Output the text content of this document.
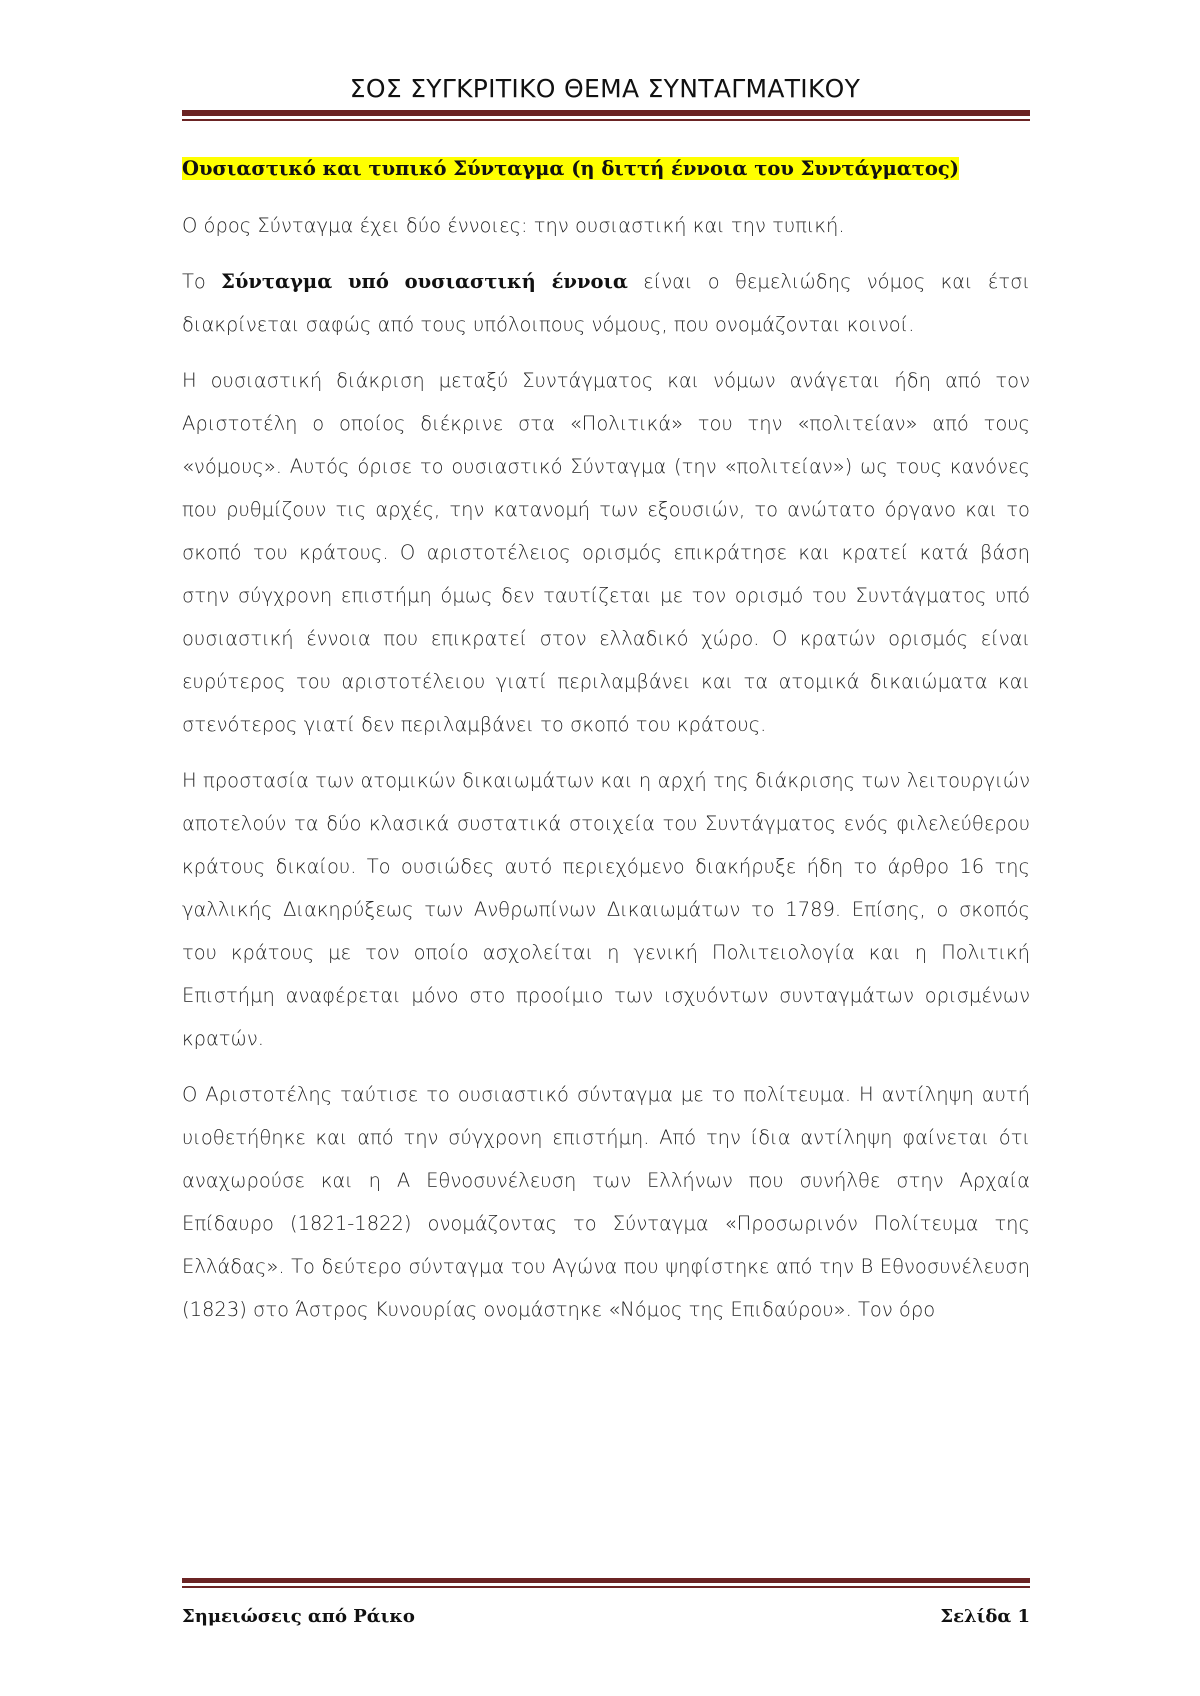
ΣΟΣ ΣΥΓΚΡΙΤΙΚΟ ΘΕΜΑ ΣΥΝΤΑΓΜΑΤΙΚΟΥ

Ουσιαστικό και τυπικό Σύνταγμα (η διττή έννοια του Συντάγματος)

Ο όρος Σύνταγμα έχει δύο έννοιες: την ουσιαστική και την τυπική.

Το Σύνταγμα υπό ουσιαστική έννοια είναι ο θεμελιώδης νόμος και έτσι διακρίνεται σαφώς από τους υπόλοιπους νόμους, που ονομάζονται κοινοί.

Η ουσιαστική διάκριση μεταξύ Συντάγματος και νόμων ανάγεται ήδη από τον Αριστοτέλη ο οποίος διέκρινε στα «Πολιτικά» του την «πολιτείαν» από τους «νόμους». Αυτός όρισε το ουσιαστικό Σύνταγμα (την «πολιτείαν») ως τους κανόνες που ρυθμίζουν τις αρχές, την κατανομή των εξουσιών, το ανώτατο όργανο και το σκοπό του κράτους. Ο αριστοτέλειος ορισμός επικράτησε και κρατεί κατά βάση στην σύγχρονη επιστήμη όμως δεν ταυτίζεται με τον ορισμό του Συντάγματος υπό ουσιαστική έννοια που επικρατεί στον ελλαδικό χώρο. Ο κρατών ορισμός είναι ευρύτερος του αριστοτέλειου γιατί περιλαμβάνει και τα ατομικά δικαιώματα και στενότερος γιατί δεν περιλαμβάνει το σκοπό του κράτους.

Η προστασία των ατομικών δικαιωμάτων και η αρχή της διάκρισης των λειτουργιών αποτελούν τα δύο κλασικά συστατικά στοιχεία του Συντάγματος ενός φιλελεύθερου κράτους δικαίου. Το ουσιώδες αυτό περιεχόμενο διακήρυξε ήδη το άρθρο 16 της γαλλικής Διακηρύξεως των Ανθρωπίνων Δικαιωμάτων το 1789. Επίσης, ο σκοπός του κράτους με τον οποίο ασχολείται η γενική Πολιτειολογία και η Πολιτική Επιστήμη αναφέρεται μόνο στο προοίμιο των ισχυόντων συνταγμάτων ορισμένων κρατών.

Ο Αριστοτέλης ταύτισε το ουσιαστικό σύνταγμα με το πολίτευμα. Η αντίληψη αυτή υιοθετήθηκε και από την σύγχρονη επιστήμη. Από την ίδια αντίληψη φαίνεται ότι αναχωρούσε και η Α Εθνοσυνέλευση των Ελλήνων που συνήλθε στην Αρχαία Επίδαυρο (1821-1822) ονομάζοντας το Σύνταγμα «Προσωρινόν Πολίτευμα της Ελλάδας». Το δεύτερο σύνταγμα του Αγώνα που ψηφίστηκε από την Β Εθνοσυνέλευση (1823) στο Άστρος Κυνουρίας ονομάστηκε «Νόμος της Επιδαύρου». Τον όρο

Σημειώσεις από Ράικο	Σελίδα 1
